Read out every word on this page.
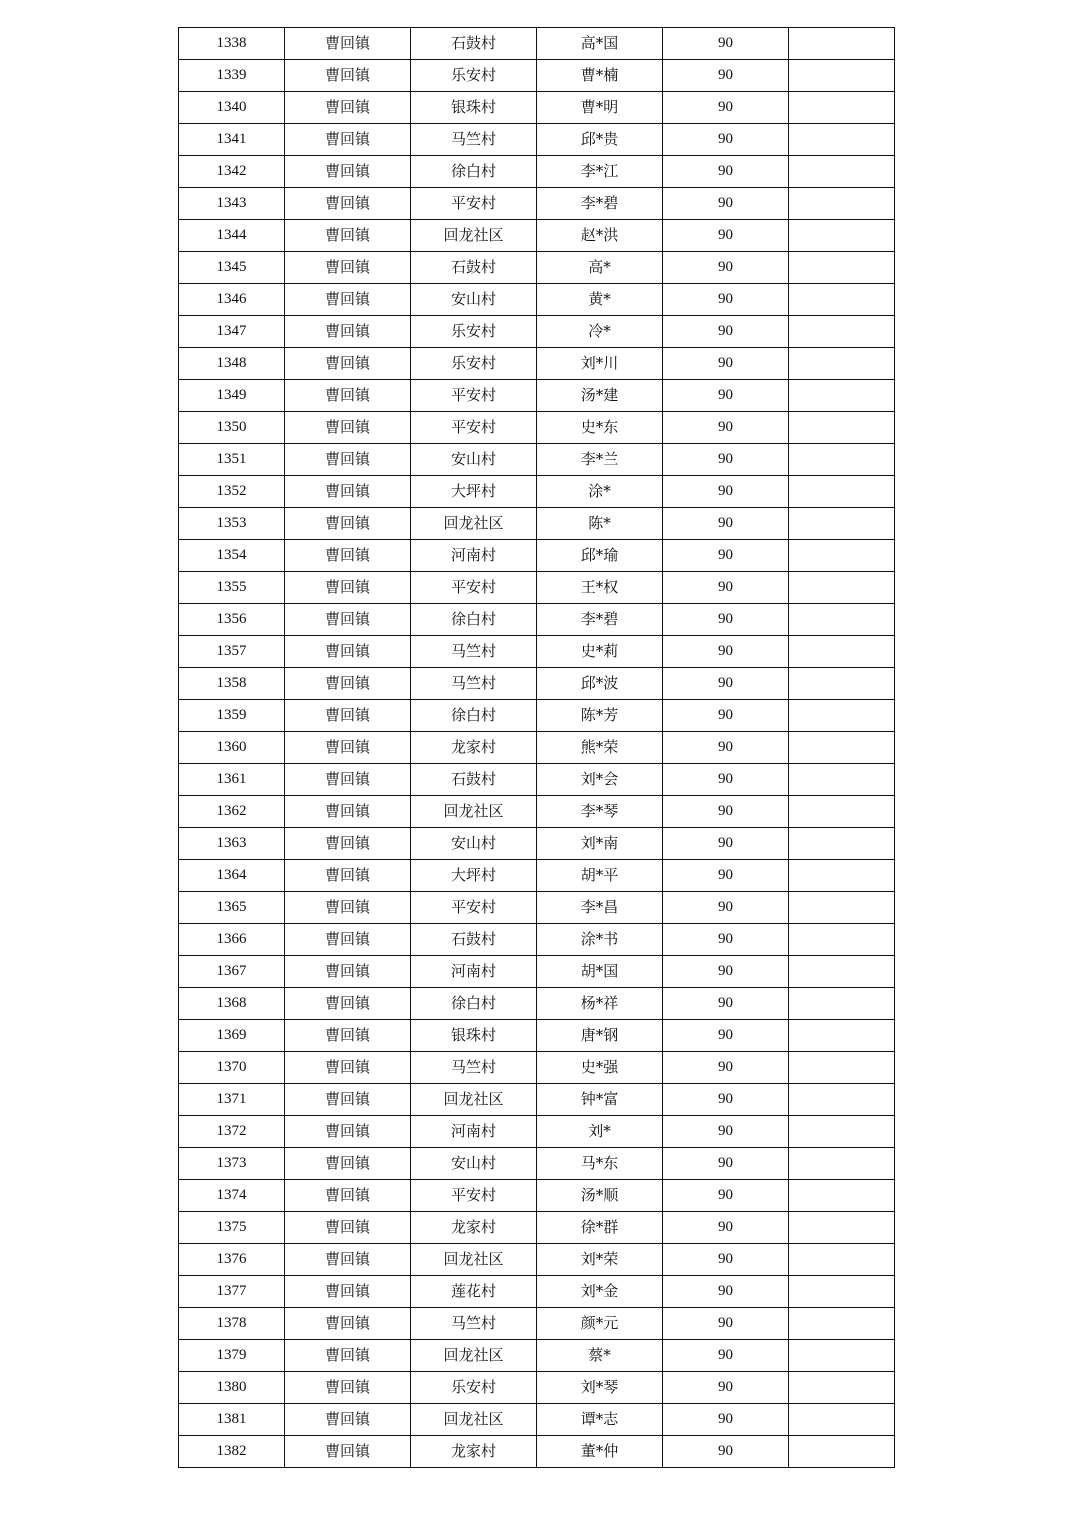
1338	曹回镇	石鼓村	高*国	90	
1339	曹回镇	乐安村	曹*楠	90	
1340	曹回镇	银珠村	曹*明	90	
1341	曹回镇	马竺村	邱*贵	90	
1342	曹回镇	徐白村	李*江	90	
1343	曹回镇	平安村	李*碧	90	
1344	曹回镇	回龙社区	赵*洪	90	
1345	曹回镇	石鼓村	高*	90	
1346	曹回镇	安山村	黄*	90	
1347	曹回镇	乐安村	冷*	90	
1348	曹回镇	乐安村	刘*川	90	
1349	曹回镇	平安村	汤*建	90	
1350	曹回镇	平安村	史*东	90	
1351	曹回镇	安山村	李*兰	90	
1352	曹回镇	大坪村	涂*	90	
1353	曹回镇	回龙社区	陈*	90	
1354	曹回镇	河南村	邱*瑜	90	
1355	曹回镇	平安村	王*权	90	
1356	曹回镇	徐白村	李*碧	90	
1357	曹回镇	马竺村	史*莉	90	
1358	曹回镇	马竺村	邱*波	90	
1359	曹回镇	徐白村	陈*芳	90	
1360	曹回镇	龙家村	熊*荣	90	
1361	曹回镇	石鼓村	刘*会	90	
1362	曹回镇	回龙社区	李*琴	90	
1363	曹回镇	安山村	刘*南	90	
1364	曹回镇	大坪村	胡*平	90	
1365	曹回镇	平安村	李*昌	90	
1366	曹回镇	石鼓村	涂*书	90	
1367	曹回镇	河南村	胡*国	90	
1368	曹回镇	徐白村	杨*祥	90	
1369	曹回镇	银珠村	唐*钢	90	
1370	曹回镇	马竺村	史*强	90	
1371	曹回镇	回龙社区	钟*富	90	
1372	曹回镇	河南村	刘*	90	
1373	曹回镇	安山村	马*东	90	
1374	曹回镇	平安村	汤*顺	90	
1375	曹回镇	龙家村	徐*群	90	
1376	曹回镇	回龙社区	刘*荣	90	
1377	曹回镇	莲花村	刘*金	90	
1378	曹回镇	马竺村	颜*元	90	
1379	曹回镇	回龙社区	蔡*	90	
1380	曹回镇	乐安村	刘*琴	90	
1381	曹回镇	回龙社区	谭*志	90	
1382	曹回镇	龙家村	董*仲	90	
